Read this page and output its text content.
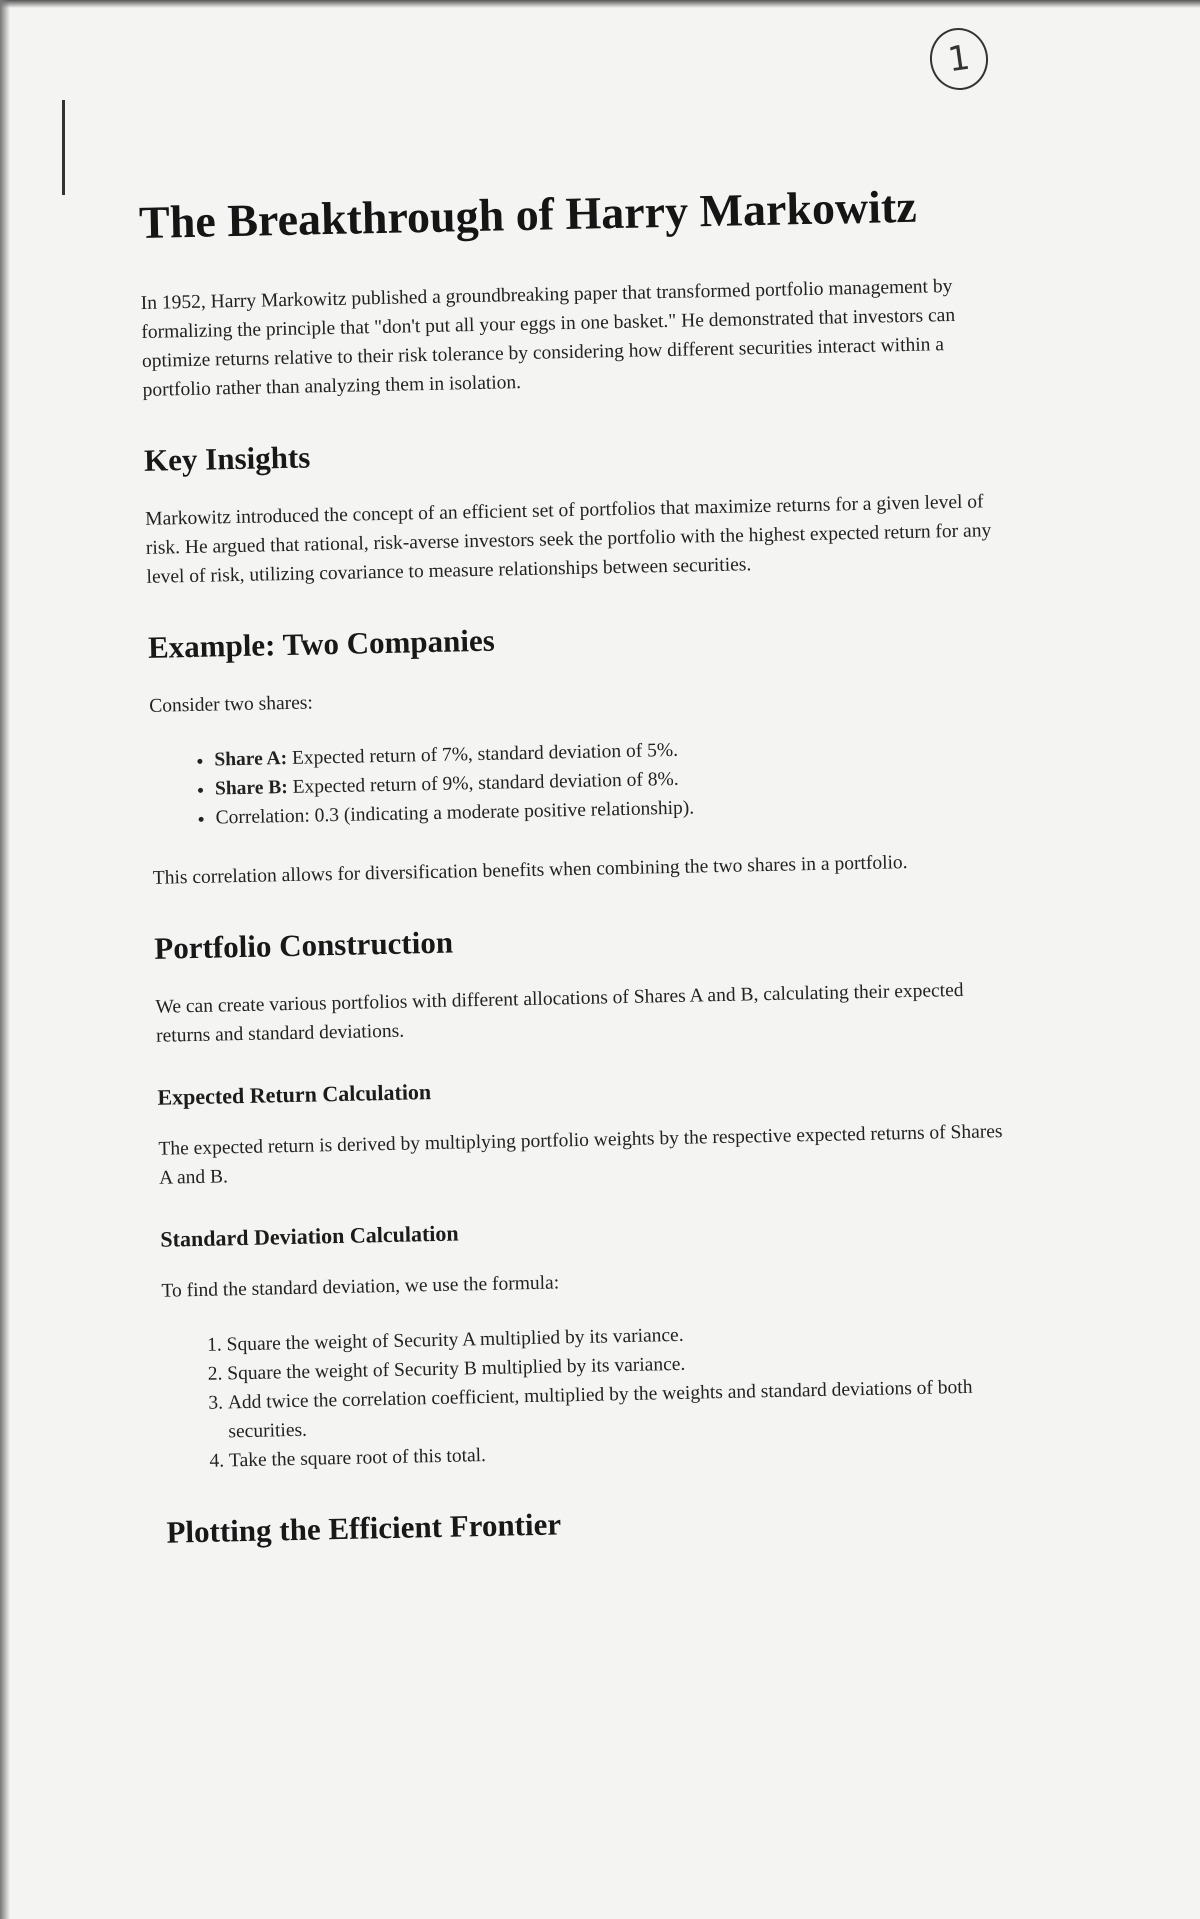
1
The Breakthrough of Harry Markowitz

In 1952, Harry Markowitz published a groundbreaking paper that transformed portfolio management by formalizing the principle that "don't put all your eggs in one basket." He demonstrated that investors can optimize returns relative to their risk tolerance by considering how different securities interact within a portfolio rather than analyzing them in isolation.

Key Insights

Markowitz introduced the concept of an efficient set of portfolios that maximize returns for a given level of risk. He argued that rational, risk-averse investors seek the portfolio with the highest expected return for any level of risk, utilizing covariance to measure relationships between securities.

Example: Two Companies

Consider two shares:

• Share A: Expected return of 7%, standard deviation of 5%.
• Share B: Expected return of 9%, standard deviation of 8%.
• Correlation: 0.3 (indicating a moderate positive relationship).

This correlation allows for diversification benefits when combining the two shares in a portfolio.

Portfolio Construction

We can create various portfolios with different allocations of Shares A and B, calculating their expected returns and standard deviations.

Expected Return Calculation

The expected return is derived by multiplying portfolio weights by the respective expected returns of Shares A and B.

Standard Deviation Calculation

To find the standard deviation, we use the formula:

1. Square the weight of Security A multiplied by its variance.
2. Square the weight of Security B multiplied by its variance.
3. Add twice the correlation coefficient, multiplied by the weights and standard deviations of both securities.
4. Take the square root of this total.
Plotting the Efficient Frontier
